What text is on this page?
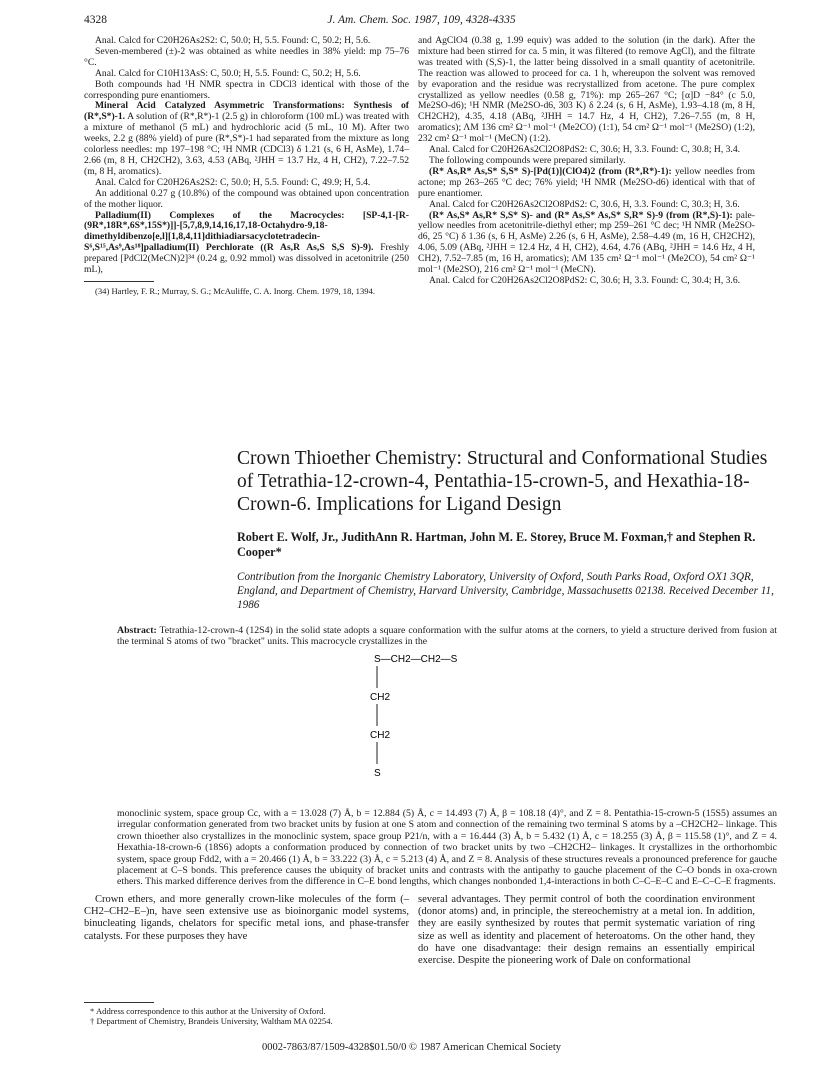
4328	J. Am. Chem. Soc. 1987, 109, 4328-4335

Anal. Calcd for C20H26As2S2: C, 50.0; H, 5.5. Found: C, 50.2; H, 5.6.

Seven-membered (±)-2 was obtained as white needles in 38% yield: mp 75–76 °C.

Anal. Calcd for C10H13AsS: C, 50.0; H, 5.5. Found: C, 50.2; H, 5.6.

Both compounds had ¹H NMR spectra in CDCl3 identical with those of the corresponding pure enantiomers.

Mineral Acid Catalyzed Asymmetric Transformations: Synthesis of (R*,S*)-1. A solution of (R*,R*)-1 (2.5 g) in chloroform (100 mL) was treated with a mixture of methanol (5 mL) and hydrochloric acid (5 mL, 10 M). After two weeks, 2.2 g (88% yield) of pure (R*,S*)-1 had separated from the mixture as long colorless needles: mp 197–198 °C; ¹H NMR (CDCl3) δ 1.21 (s, 6 H, AsMe), 1.74–2.66 (m, 8 H, CH2CH2), 3.63, 4.53 (ABq, ²JHH = 13.7 Hz, 4 H, CH2), 7.22–7.52 (m, 8 H, aromatics).

Anal. Calcd for C20H26As2S2: C, 50.0; H, 5.5. Found: C, 49.9; H, 5.4.

An additional 0.27 g (10.8%) of the compound was obtained upon concentration of the mother liquor.

Palladium(II) Complexes of the Macrocycles: [SP-4,1-[R-(9R*,18R*,6S*,15S*)]]-[5,7,8,9,14,16,17,18-Octahydro-9,18-dimethyldibenzo[e,l][1,8,4,11]dithiadiarsacyclotetradecin-S⁶,S¹⁵,As⁹,As¹⁸]palladium(II) Perchlorate ((R As,R As,S S,S S)-9). Freshly prepared [PdCl2(MeCN)2]³⁴ (0.24 g, 0.92 mmol) was dissolved in acetonitrile (250 mL),

(34) Hartley, F. R.; Murray, S. G.; McAuliffe, C. A. Inorg. Chem. 1979, 18, 1394.

and AgClO4 (0.38 g, 1.99 equiv) was added to the solution (in the dark). After the mixture had been stirred for ca. 5 min, it was filtered (to remove AgCl), and the filtrate was treated with (S,S)-1, the latter being dissolved in a small quantity of acetonitrile. The reaction was allowed to proceed for ca. 1 h, whereupon the solvent was removed by evaporation and the residue was recrystallized from acetone. The pure complex crystallized as yellow needles (0.58 g, 71%): mp 265–267 °C; [α]D −84° (c 5.0, Me2SO-d6); ¹H NMR (Me2SO-d6, 303 K) δ 2.24 (s, 6 H, AsMe), 1.93–4.18 (m, 8 H, CH2CH2), 4.35, 4.18 (ABq, ²JHH = 14.7 Hz, 4 H, CH2), 7.26–7.55 (m, 8 H, aromatics); ΛM 136 cm² Ω⁻¹ mol⁻¹ (Me2CO) (1:1), 54 cm² Ω⁻¹ mol⁻¹ (Me2SO) (1:2), 232 cm² Ω⁻¹ mol⁻¹ (MeCN) (1:2).

Anal. Calcd for C20H26As2Cl2O8PdS2: C, 30.6; H, 3.3. Found: C, 30.8; H, 3.4.

The following compounds were prepared similarly.

(R* As,R* As,S* S,S* S)-[Pd(1)](ClO4)2 (from (R*,R*)-1): yellow needles from actone; mp 263–265 °C dec; 76% yield; ¹H NMR (Me2SO-d6) identical with that of pure enantiomer.

Anal. Calcd for C20H26As2Cl2O8PdS2: C, 30.6, H, 3.3. Found: C, 30.3; H, 3.6.

(R* As,S* As,R* S,S* S)- and (R* As,S* As,S* S,R* S)-9 (from (R*,S)-1): pale-yellow needles from acetonitrile-diethyl ether; mp 259–261 °C dec; ¹H NMR (Me2SO-d6, 25 °C) δ 1.36 (s, 6 H, AsMe) 2.26 (s, 6 H, AsMe), 2.58–4.49 (m, 16 H, CH2CH2), 4.06, 5.09 (ABq, ²JHH = 12.4 Hz, 4 H, CH2), 4.64, 4.76 (ABq, ²JHH = 14.6 Hz, 4 H, CH2), 7.52–7.85 (m, 16 H, aromatics); ΛM 135 cm² Ω⁻¹ mol⁻¹ (Me2CO), 54 cm² Ω⁻¹ mol⁻¹ (Me2SO), 216 cm² Ω⁻¹ mol⁻¹ (MeCN).

Anal. Calcd for C20H26As2Cl2O8PdS2: C, 30.6; H, 3.3. Found: C, 30.4; H, 3.6.

Crown Thioether Chemistry: Structural and Conformational Studies of Tetrathia-12-crown-4, Pentathia-15-crown-5, and Hexathia-18-Crown-6. Implications for Ligand Design
Robert E. Wolf, Jr., JudithAnn R. Hartman, John M. E. Storey, Bruce M. Foxman,† and Stephen R. Cooper*
Contribution from the Inorganic Chemistry Laboratory, University of Oxford, South Parks Road, Oxford OX1 3QR, England, and Department of Chemistry, Harvard University, Cambridge, Massachusetts 02138. Received December 11, 1986

Abstract: Tetrathia-12-crown-4 (12S4) in the solid state adopts a square conformation with the sulfur atoms at the corners, to yield a structure derived from fusion at the terminal S atoms of two "bracket" units. This macrocycle crystallizes in the

S—CH2—CH2—S
CH2
CH2
S

monoclinic system, space group Cc, with a = 13.028 (7) Å, b = 12.884 (5) Å, c = 14.493 (7) Å, β = 108.18 (4)°, and Z = 8. Pentathia-15-crown-5 (15S5) assumes an irregular conformation generated from two bracket units by fusion at one S atom and connection of the remaining two terminal S atoms by a –CH2CH2– linkage. This crown thioether also crystallizes in the monoclinic system, space group P21/n, with a = 16.444 (3) Å, b = 5.432 (1) Å, c = 18.255 (3) Å, β = 115.58 (1)°, and Z = 4. Hexathia-18-crown-6 (18S6) adopts a conformation produced by connection of two bracket units by two –CH2CH2– linkages. It crystallizes in the orthorhombic system, space group Fdd2, with a = 20.466 (1) Å, b = 33.222 (3) Å, c = 5.213 (4) Å, and Z = 8. Analysis of these structures reveals a pronounced preference for gauche placement at C–S bonds. This preference causes the ubiquity of bracket units and contrasts with the antipathy to gauche placement of the C–O bonds in oxa-crown ethers. This marked difference derives from the difference in C–E bond lengths, which changes nonbonded 1,4-interactions in both C–C–E–C and E–C–C–E fragments.

Crown ethers, and more generally crown-like molecules of the form (–CH2–CH2–E–)n, have seen extensive use as bioinorganic model systems, binucleating ligands, chelators for specific metal ions, and phase-transfer catalysts. For these purposes they have

several advantages. They permit control of both the coordination environment (donor atoms) and, in principle, the stereochemistry at a metal ion. In addition, they are easily synthesized by routes that permit systematic variation of ring size as well as identity and placement of heteroatoms. On the other hand, they do have one disadvantage: their design remains an essentially empirical exercise. Despite the pioneering work of Dale on conformational

* Address correspondence to this author at the University of Oxford.

† Department of Chemistry, Brandeis University, Waltham MA 02254.

0002-7863/87/1509-4328$01.50/0 © 1987 American Chemical Society
